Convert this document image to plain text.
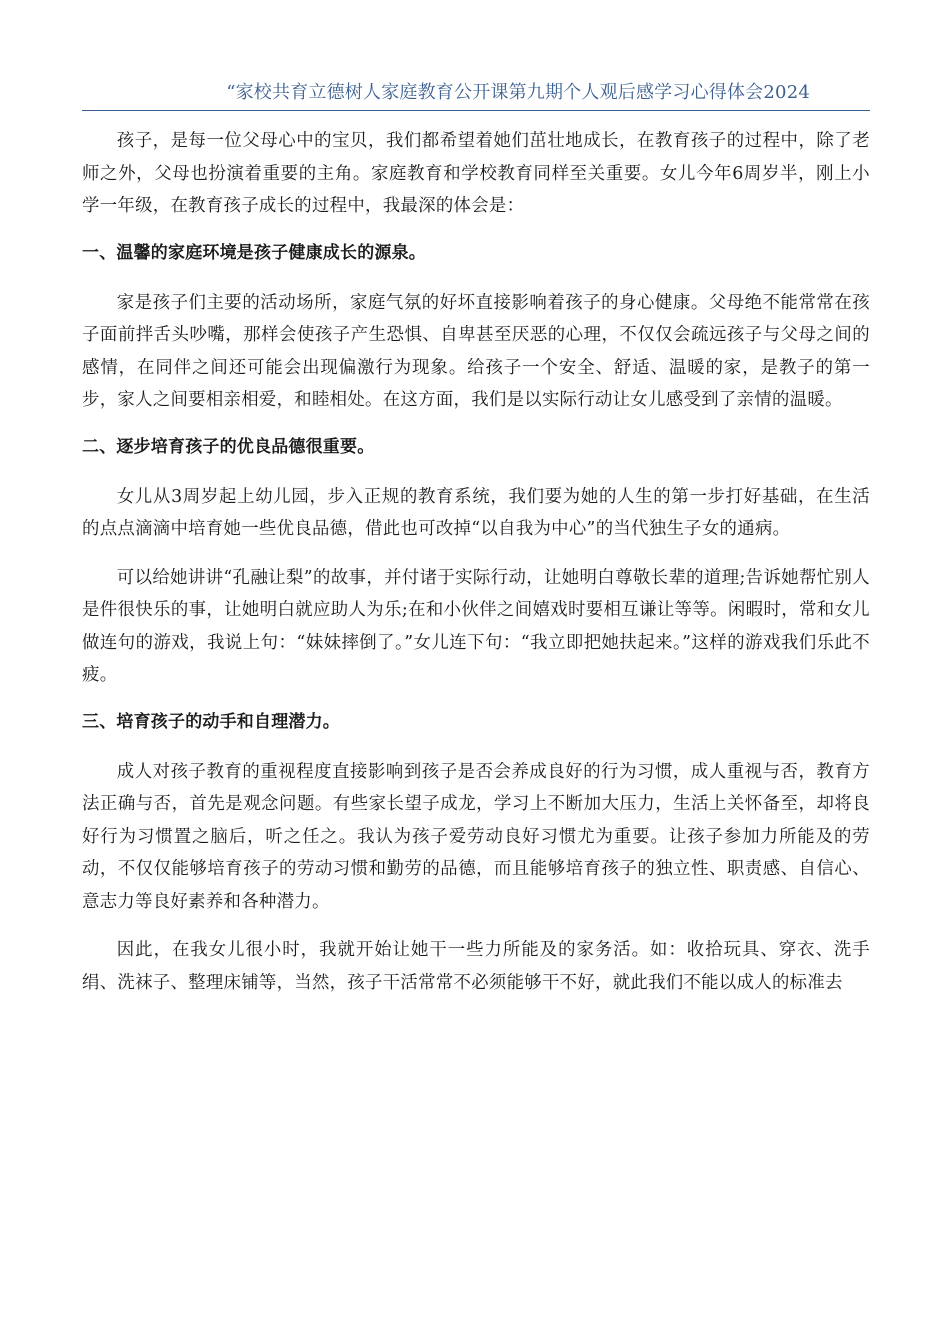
“家校共育立德树人家庭教育公开课第九期个人观后感学习心得体会2024

孩子，是每一位父母心中的宝贝，我们都希望着她们茁壮地成长，在教育孩子的过程中，除了老师之外，父母也扮演着重要的主角。家庭教育和学校教育同样至关重要。女儿今年6周岁半，刚上小学一年级，在教育孩子成长的过程中，我最深的体会是：

一、温馨的家庭环境是孩子健康成长的源泉。

家是孩子们主要的活动场所，家庭气氛的好坏直接影响着孩子的身心健康。父母绝不能常常在孩子面前拌舌头吵嘴，那样会使孩子产生恐惧、自卑甚至厌恶的心理，不仅仅会疏远孩子与父母之间的感情，在同伴之间还可能会出现偏激行为现象。给孩子一个安全、舒适、温暖的家，是教子的第一步，家人之间要相亲相爱，和睦相处。在这方面，我们是以实际行动让女儿感受到了亲情的温暖。

二、逐步培育孩子的优良品德很重要。

女儿从3周岁起上幼儿园，步入正规的教育系统，我们要为她的人生的第一步打好基础，在生活的点点滴滴中培育她一些优良品德，借此也可改掉“以自我为中心”的当代独生子女的通病。

可以给她讲讲“孔融让梨”的故事，并付诸于实际行动，让她明白尊敬长辈的道理;告诉她帮忙别人是件很快乐的事，让她明白就应助人为乐;在和小伙伴之间嬉戏时要相互谦让等等。闲暇时，常和女儿做连句的游戏，我说上句：“妹妹摔倒了。”女儿连下句：“我立即把她扶起来。”这样的游戏我们乐此不疲。

三、培育孩子的动手和自理潜力。

成人对孩子教育的重视程度直接影响到孩子是否会养成良好的行为习惯，成人重视与否，教育方法正确与否，首先是观念问题。有些家长望子成龙，学习上不断加大压力，生活上关怀备至，却将良好行为习惯置之脑后，听之任之。我认为孩子爱劳动良好习惯尤为重要。让孩子参加力所能及的劳动，不仅仅能够培育孩子的劳动习惯和勤劳的品德，而且能够培育孩子的独立性、职责感、自信心、意志力等良好素养和各种潜力。

因此，在我女儿很小时，我就开始让她干一些力所能及的家务活。如：收拾玩具、穿衣、洗手绢、洗袜子、整理床铺等，当然，孩子干活常常不必须能够干不好，就此我们不能以成人的标准去
